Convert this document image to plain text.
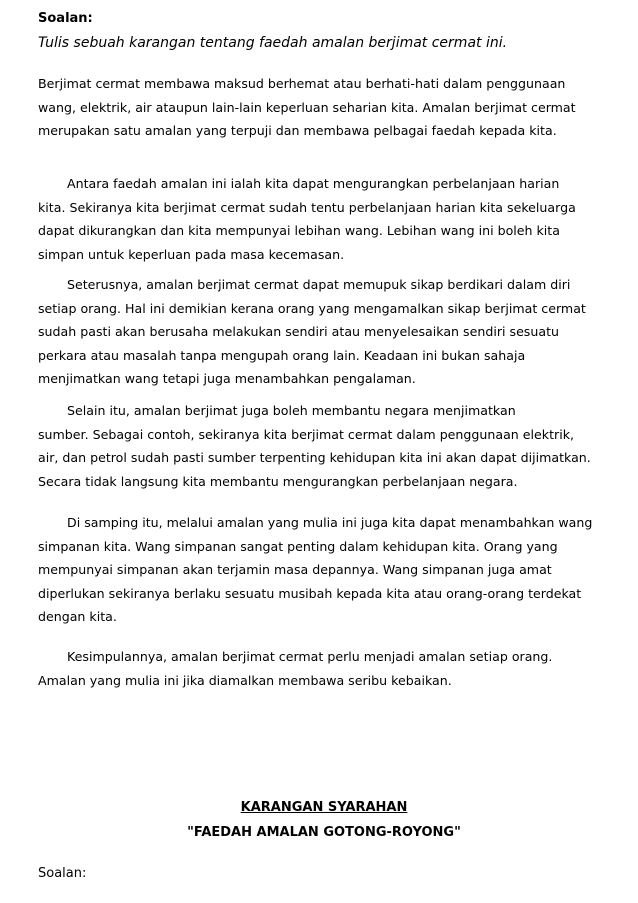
Soalan:
Tulis sebuah karangan tentang faedah amalan berjimat cermat ini.
Berjimat cermat membawa maksud berhemat atau berhati-hati dalam penggunaan
wang, elektrik, air ataupun lain-lain keperluan seharian kita. Amalan berjimat cermat
merupakan satu amalan yang terpuji dan membawa pelbagai faedah kepada kita.
Antara faedah amalan ini ialah kita dapat mengurangkan perbelanjaan harian
kita. Sekiranya kita berjimat cermat sudah tentu perbelanjaan harian kita sekeluarga
dapat dikurangkan dan kita mempunyai lebihan wang. Lebihan wang ini boleh kita
simpan untuk keperluan pada masa kecemasan.
Seterusnya, amalan berjimat cermat dapat memupuk sikap berdikari dalam diri
setiap orang. Hal ini demikian kerana orang yang mengamalkan sikap berjimat cermat
sudah pasti akan berusaha melakukan sendiri atau menyelesaikan sendiri sesuatu
perkara atau masalah tanpa mengupah orang lain. Keadaan ini bukan sahaja
menjimatkan wang tetapi juga menambahkan pengalaman.
Selain itu, amalan berjimat juga boleh membantu negara menjimatkan
sumber. Sebagai contoh, sekiranya kita berjimat cermat dalam penggunaan elektrik,
air, dan petrol sudah pasti sumber terpenting kehidupan kita ini akan dapat dijimatkan.
Secara tidak langsung kita membantu mengurangkan perbelanjaan negara.
Di samping itu, melalui amalan yang mulia ini juga kita dapat menambahkan wang
simpanan kita. Wang simpanan sangat penting dalam kehidupan kita. Orang yang
mempunyai simpanan akan terjamin masa depannya. Wang simpanan juga amat
diperlukan sekiranya berlaku sesuatu musibah kepada kita atau orang-orang terdekat
dengan kita.
Kesimpulannya, amalan berjimat cermat perlu menjadi amalan setiap orang.
Amalan yang mulia ini jika diamalkan membawa seribu kebaikan.
KARANGAN SYARAHAN
"FAEDAH AMALAN GOTONG-ROYONG"
Soalan:
